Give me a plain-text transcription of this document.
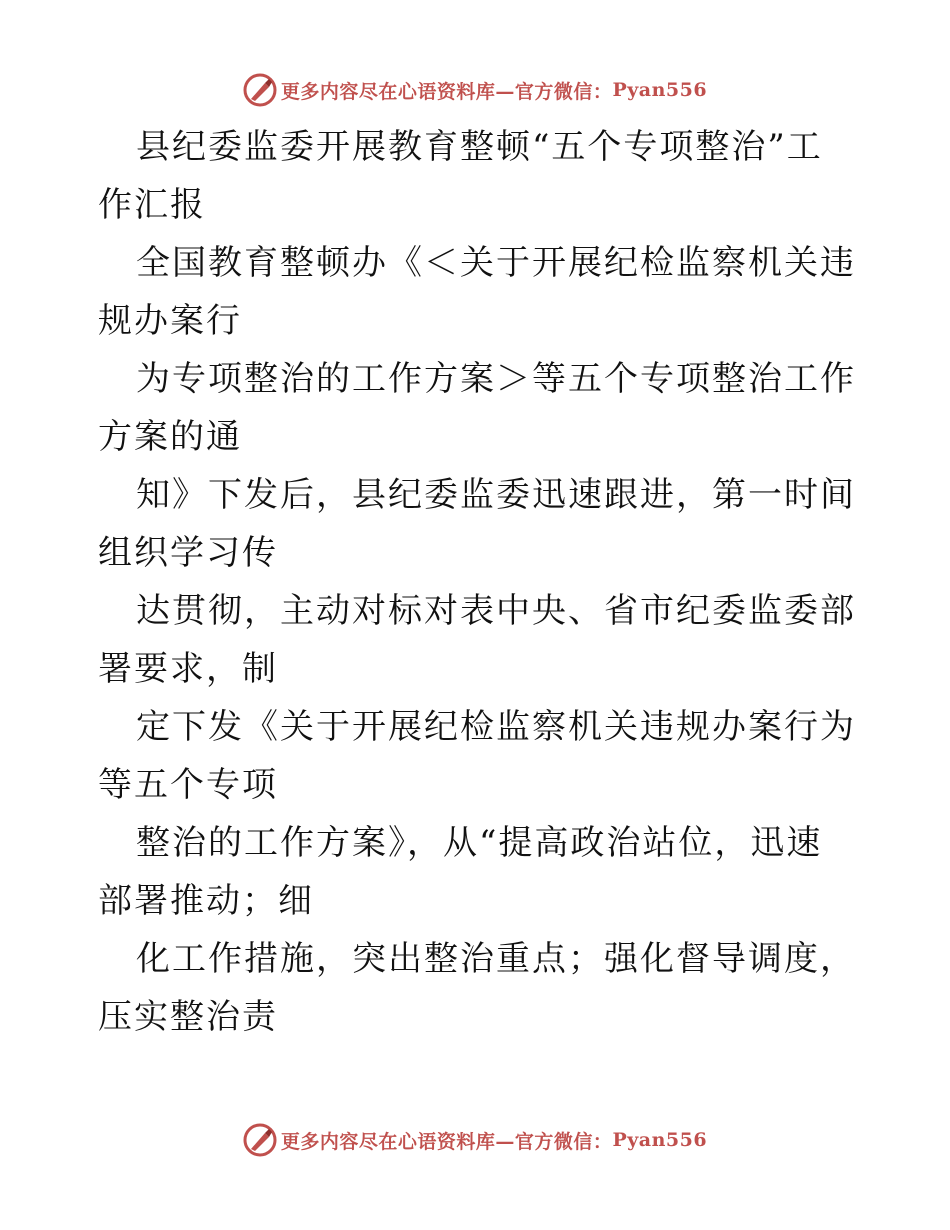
更多内容尽在心语资料库—官方微信： Pyan556

县纪委监委开展教育整顿“五个专项整治”工作汇报

全国教育整顿办《＜关于开展纪检监察机关违规办案行

为专项整治的工作方案＞等五个专项整治工作方案的通

知》下发后，县纪委监委迅速跟进，第一时间组织学习传

达贯彻，主动对标对表中央、省市纪委监委部署要求，制

定下发《关于开展纪检监察机关违规办案行为等五个专项

整治的工作方案》，从“提高政治站位，迅速部署推动；细

化工作措施，突出整治重点；强化督导调度，压实整治责

更多内容尽在心语资料库—官方微信： Pyan556
